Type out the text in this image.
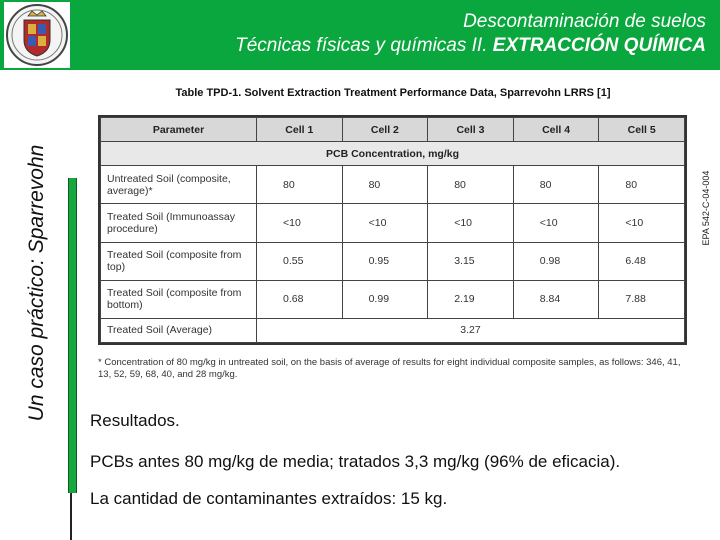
Descontaminación de suelos
Técnicas físicas y químicas II. EXTRACCIÓN QUÍMICA
Un caso práctico: Sparrevohn	EPA 542-C-04-004
Table TPD-1. Solvent Extraction Treatment Performance Data, Sparrevohn LRRS [1]
Parameter	Cell 1	Cell 2	Cell 3	Cell 4	Cell 5
PCB Concentration, mg/kg					
Untreated Soil (composite, average)*	80	80	80	80	80
Treated Soil (Immunoassay procedure)	<10	<10	<10	<10	<10
Treated Soil (composite from top)	0.55	0.95	3.15	0.98	6.48
Treated Soil (composite from bottom)	0.68	0.99	2.19	8.84	7.88
Treated Soil (Average)	3.27				
* Concentration of 80 mg/kg in untreated soil, on the basis of average of results for eight individual composite samples, as follows: 346, 41, 13, 52, 59, 68, 40, and 28 mg/kg.
Resultados.
PCBs antes 80 mg/kg de media; tratados 3,3 mg/kg (96% de eficacia).
La cantidad de contaminantes extraídos: 15 kg.
